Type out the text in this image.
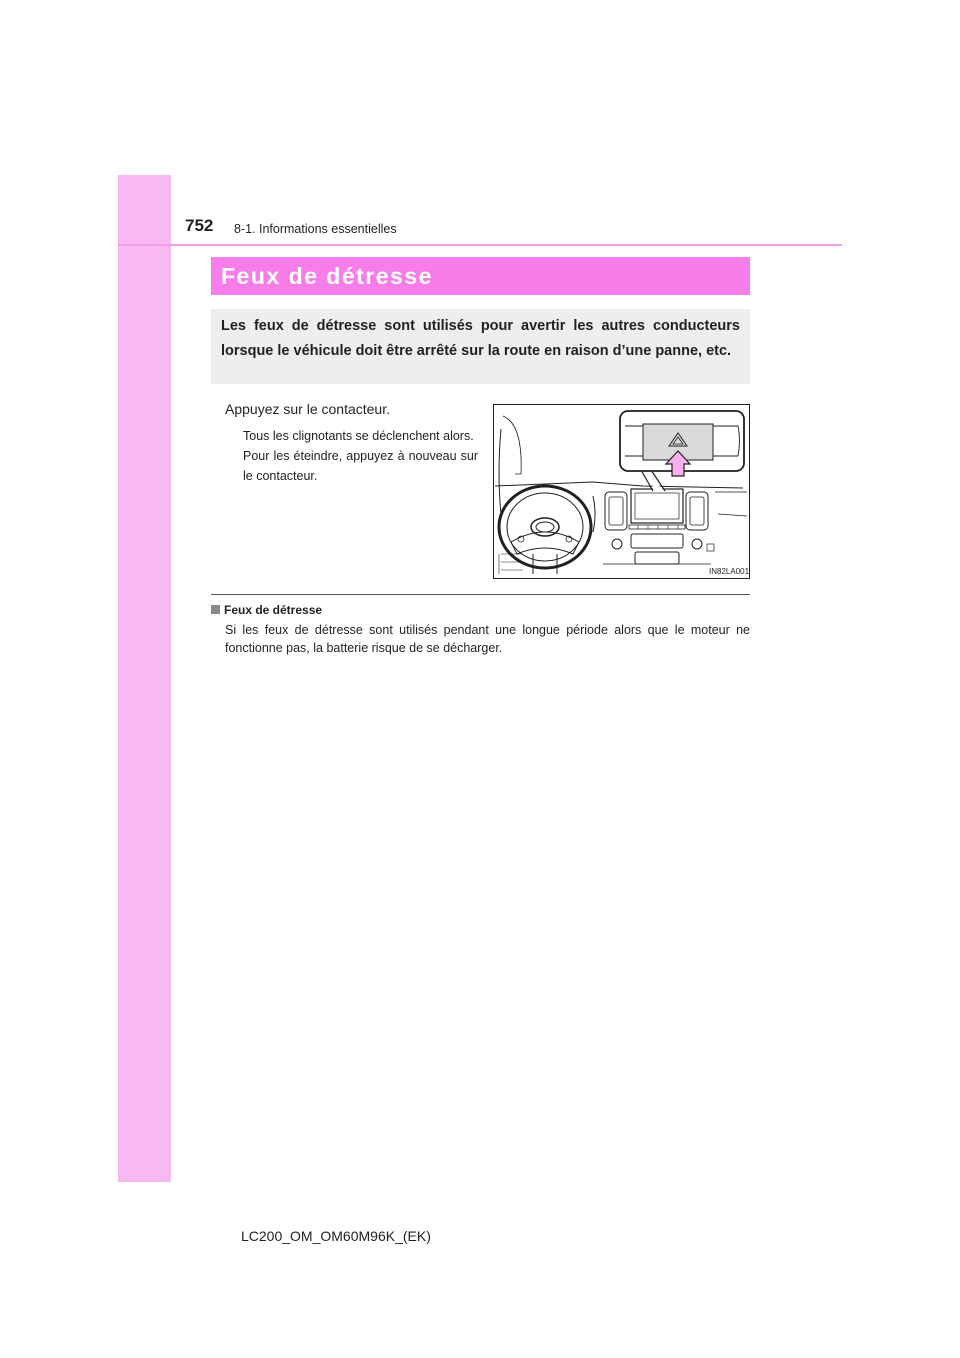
752 8-1. Informations essentielles
Feux de détresse
Les feux de détresse sont utilisés pour avertir les autres conducteurs lorsque le véhicule doit être arrêté sur la route en raison d’une panne, etc.
Appuyez sur le contacteur.
Tous les clignotants se déclenchent alors.
Pour les éteindre, appuyez à nouveau sur le contacteur.
IN82LA001
Feux de détresse
Si les feux de détresse sont utilisés pendant une longue période alors que le moteur ne fonctionne pas, la batterie risque de se décharger.
LC200_OM_OM60M96K_(EK)
